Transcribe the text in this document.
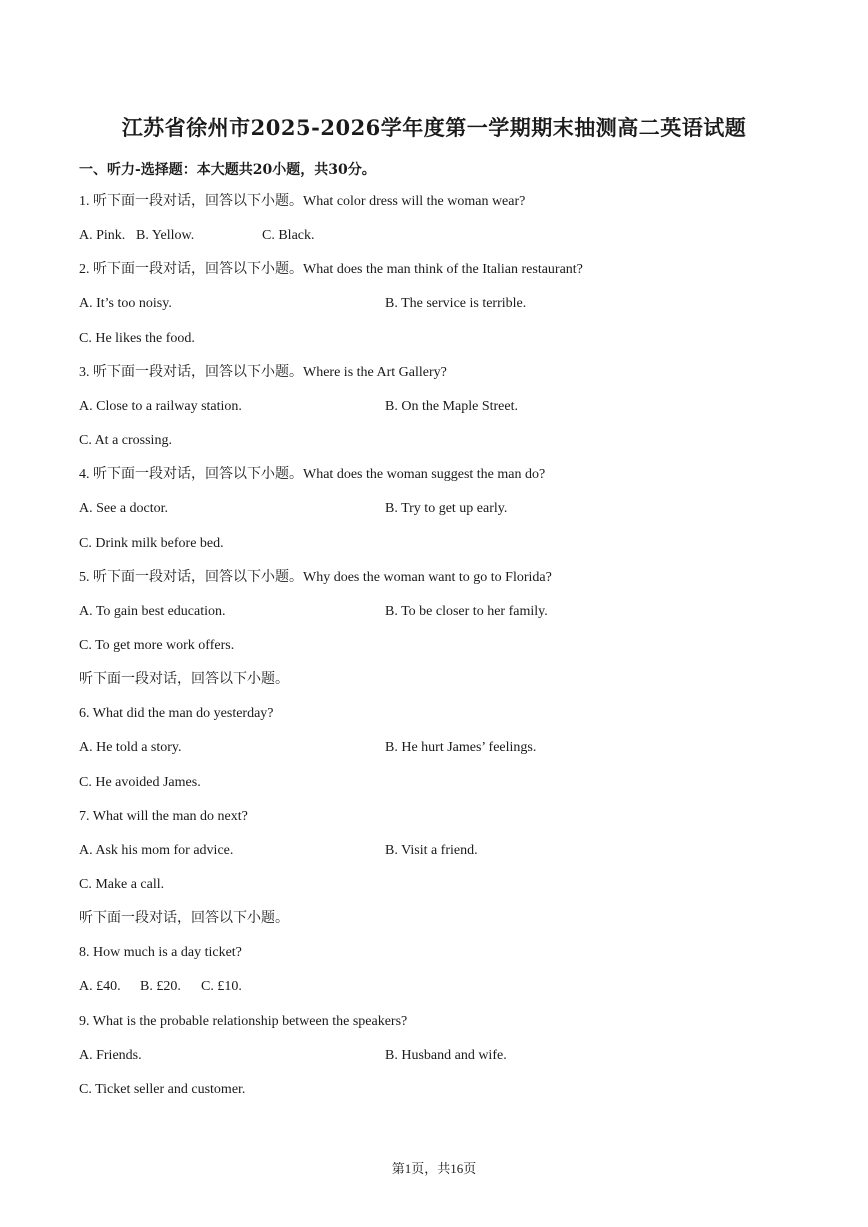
江苏省徐州市2025-2026学年度第一学期期末抽测高二英语试题
一、听力-选择题：本大题共20小题，共30分。
1. 听下面一段对话，回答以下小题。What color dress will the woman wear?
A. Pink. B. Yellow.	C. Black.
2. 听下面一段对话，回答以下小题。What does the man think of the Italian restaurant?
A. It’s too noisy.	B. The service is terrible.
C. He likes the food.
3. 听下面一段对话，回答以下小题。Where is the Art Gallery?
A. Close to a railway station.	B. On the Maple Street.
C. At a crossing.
4. 听下面一段对话，回答以下小题。What does the woman suggest the man do?
A. See a doctor.	B. Try to get up early.
C. Drink milk before bed.
5. 听下面一段对话，回答以下小题。Why does the woman want to go to Florida?
A. To gain best education.	B. To be closer to her family.
C. To get more work offers.
听下面一段对话，回答以下小题。
6. What did the man do yesterday?
A. He told a story.	B. He hurt James’ feelings.
C. He avoided James.
7. What will the man do next?
A. Ask his mom for advice.	B. Visit a friend.
C. Make a call.
听下面一段对话，回答以下小题。
8. How much is a day ticket?
A. £40. B. £20. C. £10.
9. What is the probable relationship between the speakers?
A. Friends.	B. Husband and wife.
C. Ticket seller and customer.
第1页，共16页
